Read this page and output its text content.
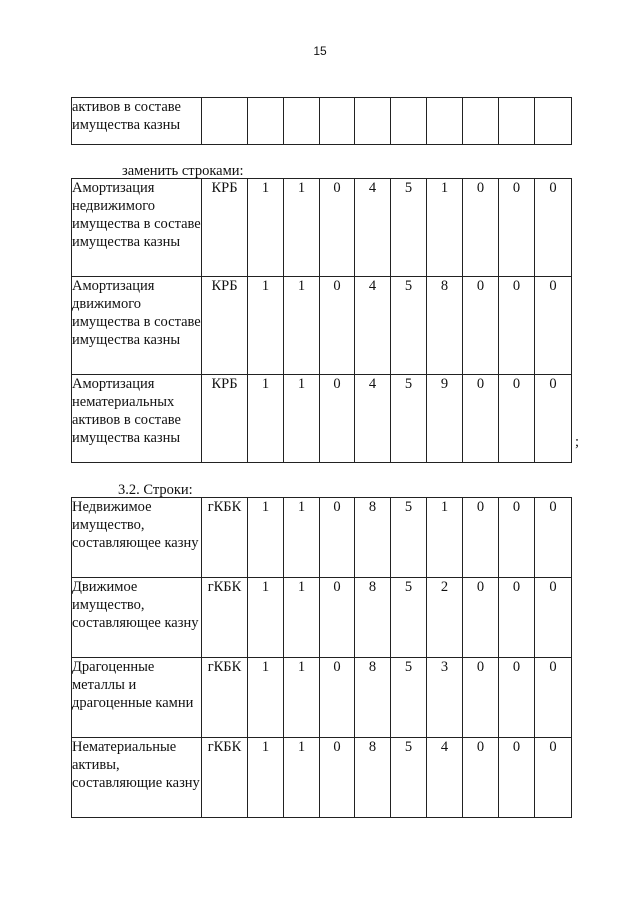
15
активов в составе имущества казны										
заменить строками:
Амортизация недвижимого имущества в составе имущества казны	КРБ	1	1	0	4	5	1	0	0	0
Амортизация движимого имущества в составе имущества казны	КРБ	1	1	0	4	5	8	0	0	0
Амортизация нематериальных активов в составе имущества казны	КРБ	1	1	0	4	5	9	0	0	0
;
3.2. Строки:
Недвижимое имущество, составляющее казну	гКБК	1	1	0	8	5	1	0	0	0
Движимое имущество, составляющее казну	гКБК	1	1	0	8	5	2	0	0	0
Драгоценные металлы и драгоценные камни	гКБК	1	1	0	8	5	3	0	0	0
Нематериальные активы, составляющие казну	гКБК	1	1	0	8	5	4	0	0	0
